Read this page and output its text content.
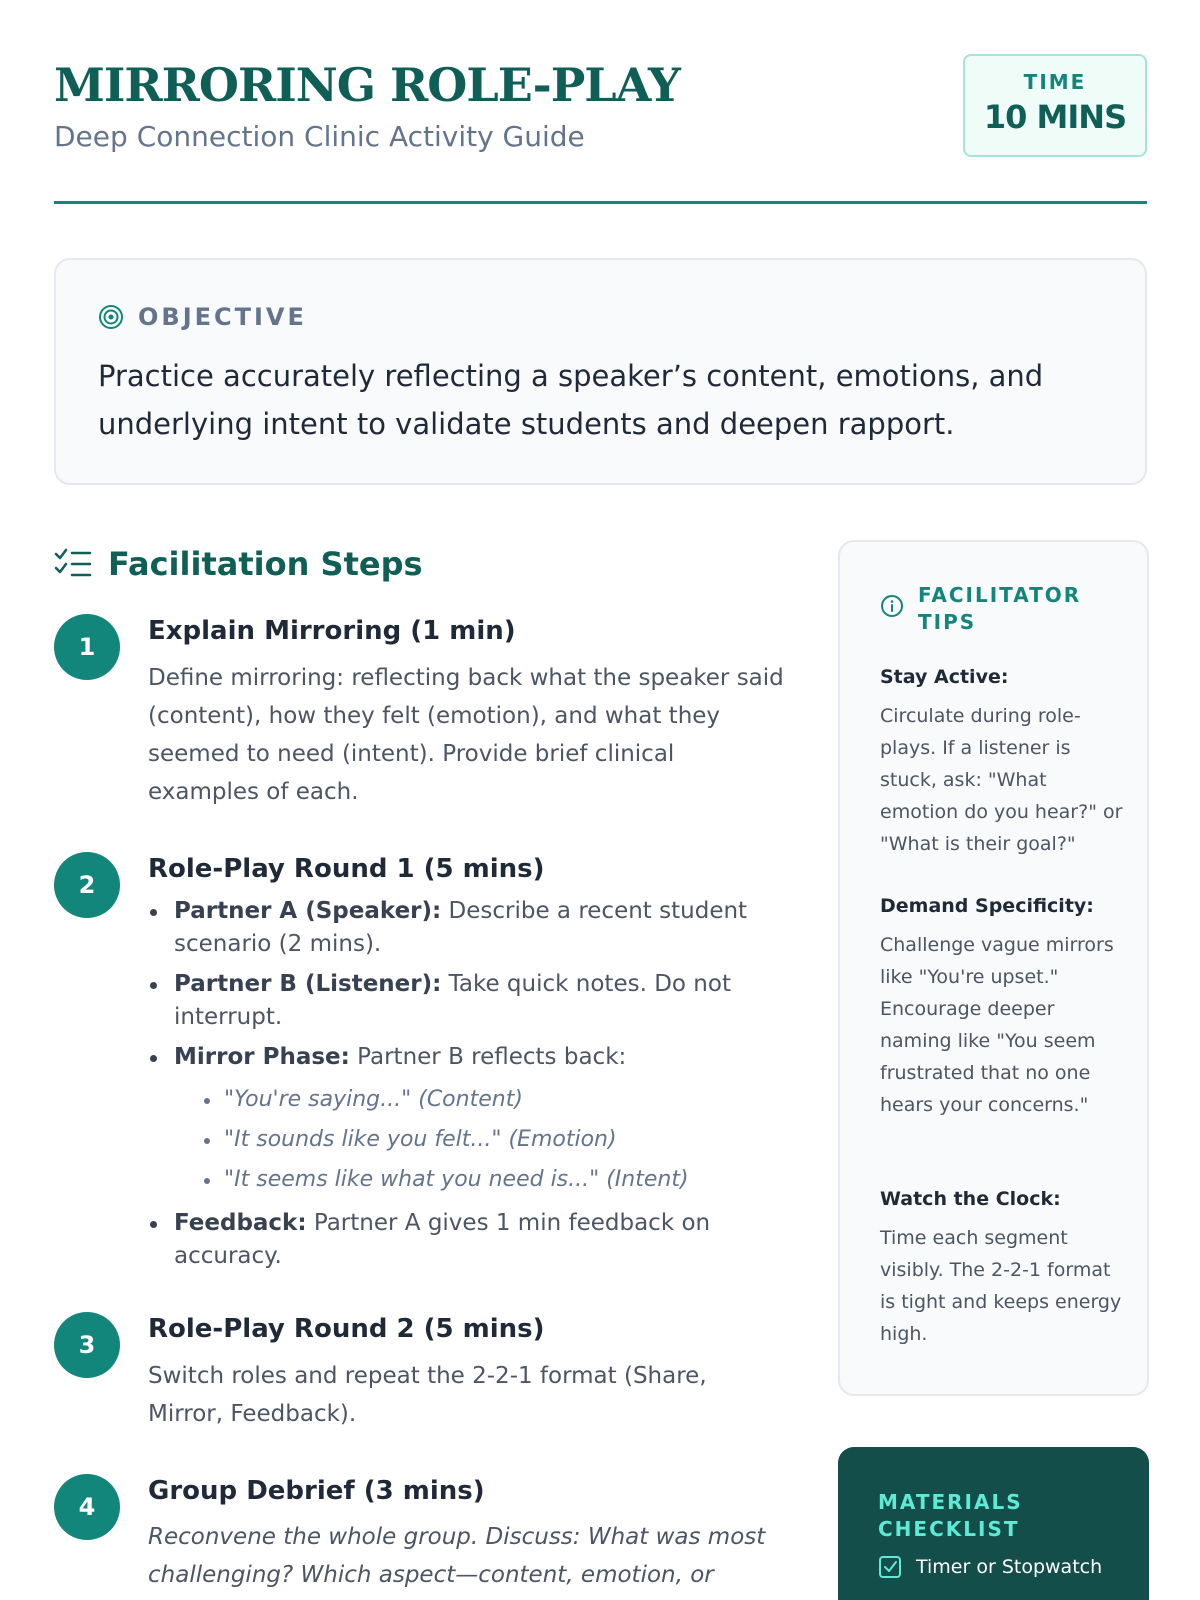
MIRRORING ROLE-PLAY
Deep Connection Clinic Activity Guide
TIME
10 MINS
OBJECTIVE

Practice accurately reflecting a speaker’s content, emotions, and underlying intent to validate students and deepen rapport.

Facilitation Steps
1
Explain Mirroring (1 min)

Define mirroring: reflecting back what the speaker said (content), how they felt (emotion), and what they seemed to need (intent). Provide brief clinical examples of each.

2
Role-Play Round 1 (5 mins)
Partner A (Speaker): Describe a recent student scenario (2 mins).
Partner B (Listener): Take quick notes. Do not interrupt.
Mirror Phase: Partner B reflects back:
"You're saying..." (Content)
"It sounds like you felt..." (Emotion)
"It seems like what you need is..." (Intent)
Feedback: Partner A gives 1 min feedback on accuracy.
3
Role-Play Round 2 (5 mins)

Switch roles and repeat the 2-2-1 format (Share, Mirror, Feedback).

4
Group Debrief (3 mins)

Reconvene the whole group. Discuss: What was most challenging? Which aspect—content, emotion, or

FACILITATOR TIPS
Stay Active:

Circulate during role-plays. If a listener is stuck, ask: "What emotion do you hear?" or "What is their goal?"

Demand Specificity:

Challenge vague mirrors like "You're upset." Encourage deeper naming like "You seem frustrated that no one hears your concerns."

Watch the Clock:

Time each segment visibly. The 2-2-1 format is tight and keeps energy high.

MATERIALS CHECKLIST
Timer or Stopwatch
